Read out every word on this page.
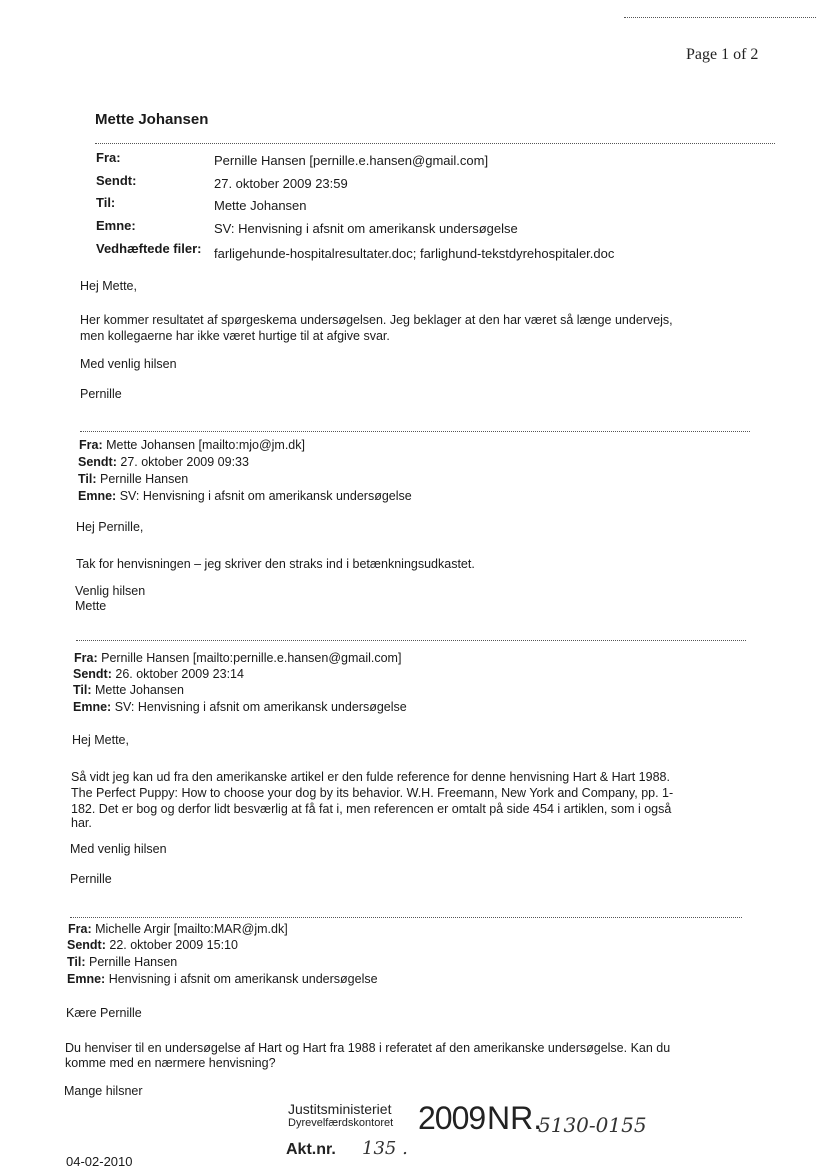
Page 1 of 2
Mette Johansen
Fra:	Pernille Hansen [pernille.e.hansen@gmail.com]
Sendt:	27. oktober 2009 23:59
Til:	Mette Johansen
Emne:	SV: Henvisning i afsnit om amerikansk undersøgelse
Vedhæftede filer: farligehunde-hospitalresultater.doc; farlighund-tekstdyrehospitaler.doc
Hej Mette,
Her kommer resultatet af spørgeskema undersøgelsen. Jeg beklager at den har været så længe undervejs,
men kollegaerne har ikke været hurtige til at afgive svar.
Med venlig hilsen
Pernille
Fra: Mette Johansen [mailto:mjo@jm.dk]
Sendt: 27. oktober 2009 09:33
Til: Pernille Hansen
Emne: SV: Henvisning i afsnit om amerikansk undersøgelse
Hej Pernille,
Tak for henvisningen – jeg skriver den straks ind i betænkningsudkastet.
Venlig hilsen
Mette
Fra: Pernille Hansen [mailto:pernille.e.hansen@gmail.com]
Sendt: 26. oktober 2009 23:14
Til: Mette Johansen
Emne: SV: Henvisning i afsnit om amerikansk undersøgelse
Hej Mette,
Så vidt jeg kan ud fra den amerikanske artikel er den fulde reference for denne henvisning Hart & Hart 1988.
The Perfect Puppy: How to choose your dog by its behavior. W.H. Freemann, New York and Company, pp. 1-
182. Det er bog og derfor lidt besværlig at få fat i, men referencen er omtalt på side 454 i artiklen, som i også
har.
Med venlig hilsen
Pernille
Fra: Michelle Argir [mailto:MAR@jm.dk]
Sendt: 22. oktober 2009 15:10
Til: Pernille Hansen
Emne: Henvisning i afsnit om amerikansk undersøgelse
Kære Pernille
Du henviser til en undersøgelse af Hart og Hart fra 1988 i referatet af den amerikanske undersøgelse. Kan du
komme med en nærmere henvisning?
Mange hilsner
Justitsministeriet
Dyrevelfærdskontoret 2009 NR.
5130-0155
Akt.nr. 135 .
04-02-2010
